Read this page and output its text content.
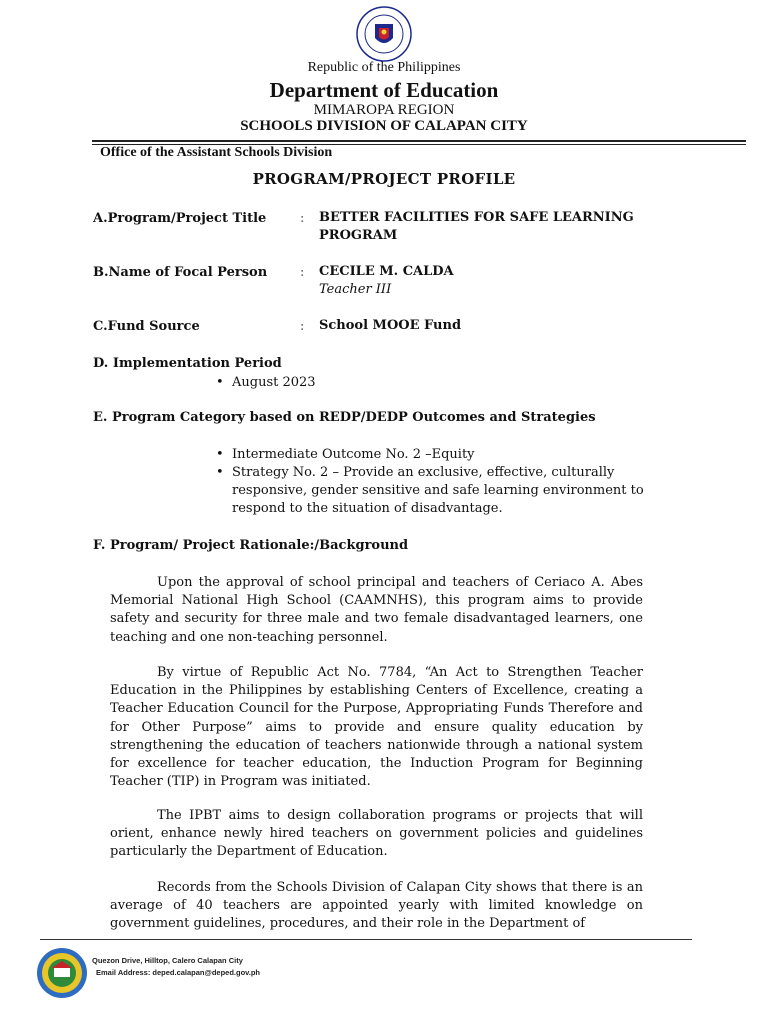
Republic of the Philippines
Department of Education
MIMAROPA REGION
SCHOOLS DIVISION OF CALAPAN CITY
Office of the Assistant Schools Division
PROGRAM/PROJECT PROFILE
A.Program/Project Title	: BETTER FACILITIES FOR SAFE LEARNING
PROGRAM
B.Name of Focal Person	: CECILE M. CALDA
Teacher III
C.Fund Source	: School MOOE Fund
D. Implementation Period
• August 2023
E. Program Category based on REDP/DEDP Outcomes and Strategies
• Intermediate Outcome No. 2 –Equity
• Strategy No. 2 – Provide an exclusive, effective, culturally responsive, gender sensitive and safe learning environment to respond to the situation of disadvantage.
F. Program/ Project Rationale:/Background

Upon the approval of school principal and teachers of Ceriaco A. Abes Memorial National High School (CAAMNHS), this program aims to provide safety and security for three male and two female disadvantaged learners, one teaching and one non-teaching personnel.

By virtue of Republic Act No. 7784, “An Act to Strengthen Teacher Education in the Philippines by establishing Centers of Excellence, creating a Teacher Education Council for the Purpose, Appropriating Funds Therefore and for Other Purpose” aims to provide and ensure quality education by strengthening the education of teachers nationwide through a national system for excellence for teacher education, the Induction Program for Beginning Teacher (TIP) in Program was initiated.

The IPBT aims to design collaboration programs or projects that will orient, enhance newly hired teachers on government policies and guidelines particularly the Department of Education.

Records from the Schools Division of Calapan City shows that there is an average of 40 teachers are appointed yearly with limited knowledge on government guidelines, procedures, and their role in the Department of

Quezon Drive, Hilltop, Calero Calapan City
Email Address: deped.calapan@deped.gov.ph
